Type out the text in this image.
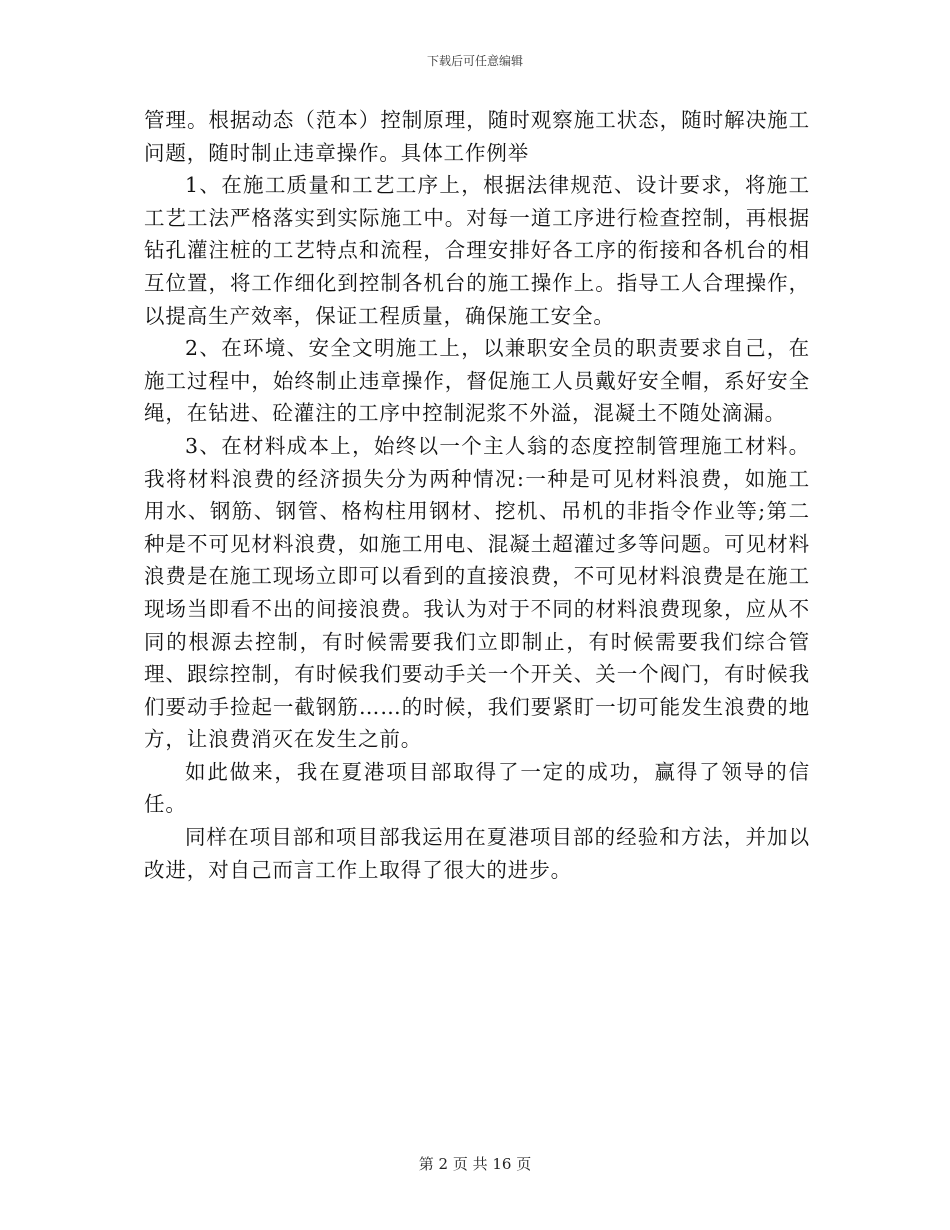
下载后可任意编辑

管理。根据动态（范本）控制原理，随时观察施工状态，随时解决施工问题，随时制止违章操作。具体工作例举

1、在施工质量和工艺工序上，根据法律规范、设计要求，将施工工艺工法严格落实到实际施工中。对每一道工序进行检查控制，再根据钻孔灌注桩的工艺特点和流程，合理安排好各工序的衔接和各机台的相互位置，将工作细化到控制各机台的施工操作上。指导工人合理操作，以提高生产效率，保证工程质量，确保施工安全。

2、在环境、安全文明施工上，以兼职安全员的职责要求自己，在施工过程中，始终制止违章操作，督促施工人员戴好安全帽，系好安全绳，在钻进、砼灌注的工序中控制泥浆不外溢，混凝土不随处滴漏。

3、在材料成本上，始终以一个主人翁的态度控制管理施工材料。我将材料浪费的经济损失分为两种情况:一种是可见材料浪费，如施工用水、钢筋、钢管、格构柱用钢材、挖机、吊机的非指令作业等;第二种是不可见材料浪费，如施工用电、混凝土超灌过多等问题。可见材料浪费是在施工现场立即可以看到的直接浪费，不可见材料浪费是在施工现场当即看不出的间接浪费。我认为对于不同的材料浪费现象，应从不同的根源去控制，有时候需要我们立即制止，有时候需要我们综合管理、跟综控制，有时候我们要动手关一个开关、关一个阀门，有时候我们要动手捡起一截钢筋……的时候，我们要紧盯一切可能发生浪费的地方，让浪费消灭在发生之前。

如此做来，我在夏港项目部取得了一定的成功，赢得了领导的信任。

同样在项目部和项目部我运用在夏港项目部的经验和方法，并加以改进，对自己而言工作上取得了很大的进步。

第 2 页 共 16 页
